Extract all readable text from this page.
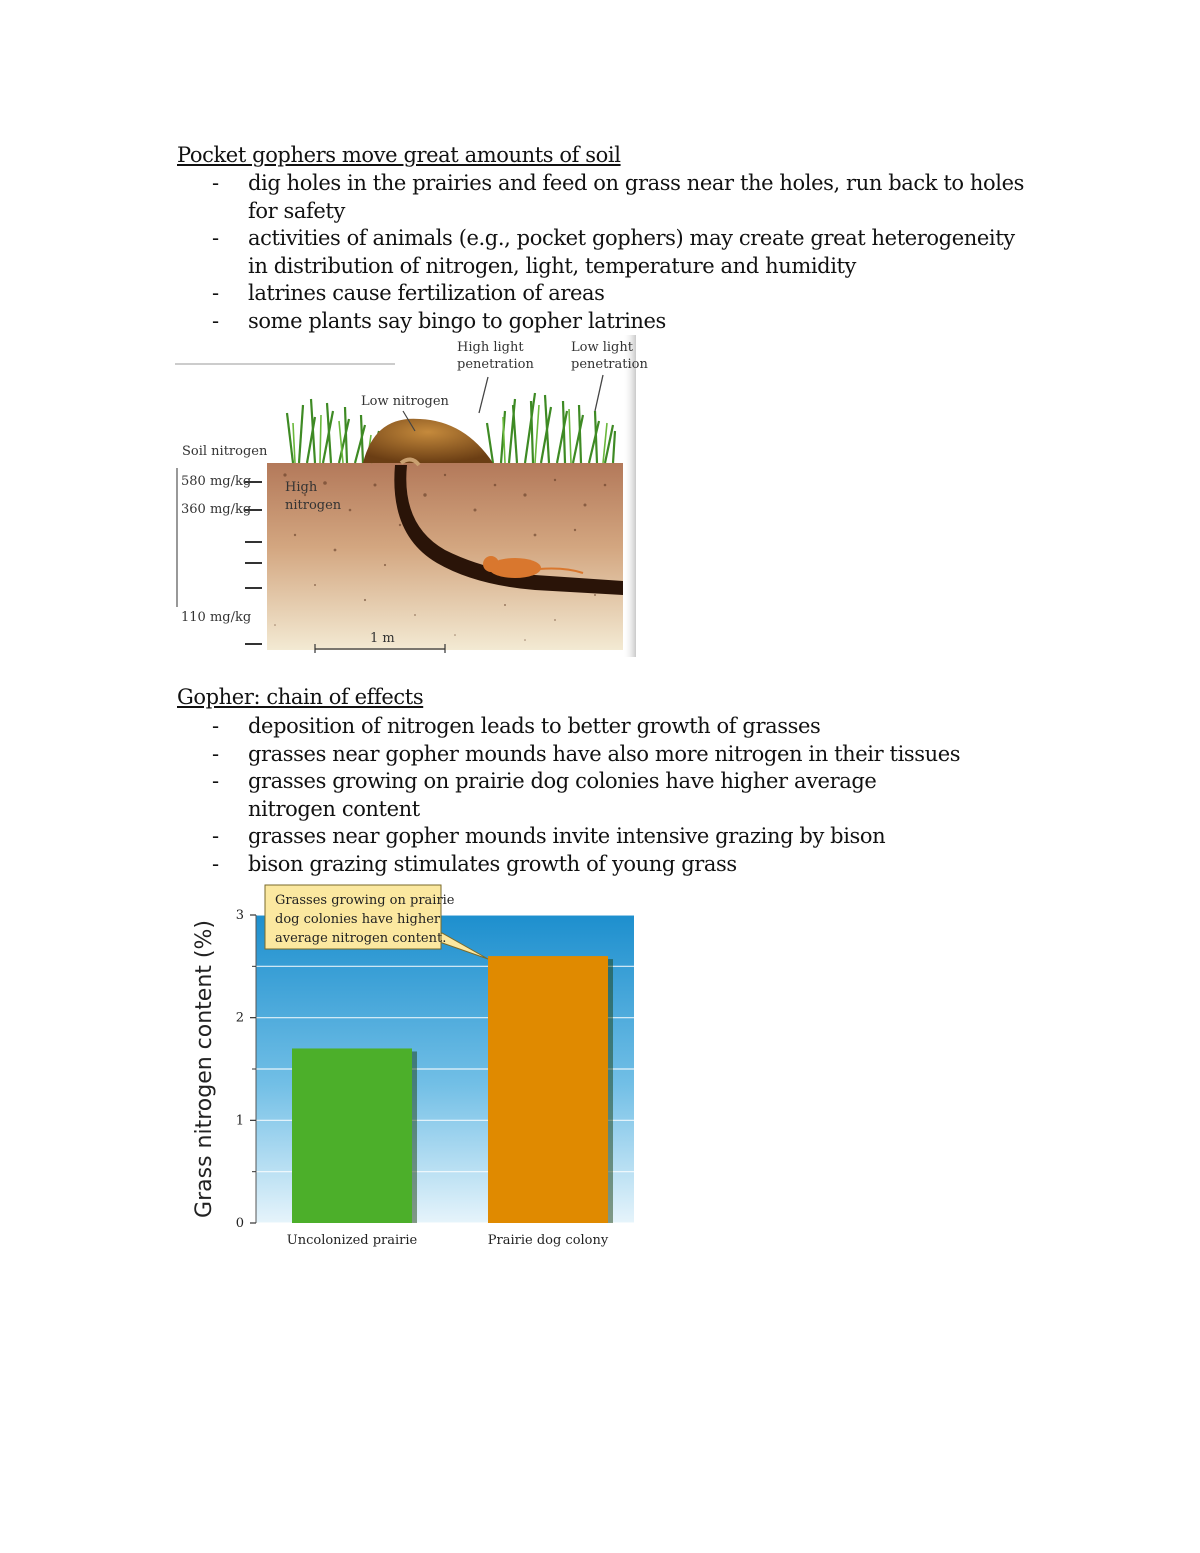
Pocket gophers move great amounts of soil
- dig holes in the prairies and feed on grass near the holes, run back to holes for safety
- activities of animals (e.g., pocket gophers) may create great heterogeneity in distribution of nitrogen, light, temperature and humidity
- latrines cause fertilization of areas
- some plants say bingo to gopher latrines
High light
penetration
Low light
penetration
Low nitrogen
Soil nitrogen
580 mg/kg
360 mg/kg
110 mg/kg
High
nitrogen
1 m
Gopher: chain of effects
- deposition of nitrogen leads to better growth of grasses
- grasses near gopher mounds have also more nitrogen in their tissues
- grasses growing on prairie dog colonies have higher average nitrogen content
- grasses near gopher mounds invite intensive grazing by bison
- bison grazing stimulates growth of young grass
0
1
2
3
Uncolonized prairie	Prairie dog colony
Grass nitrogen content (%)
Grasses growing on prairie
dog colonies have higher
average nitrogen content.
